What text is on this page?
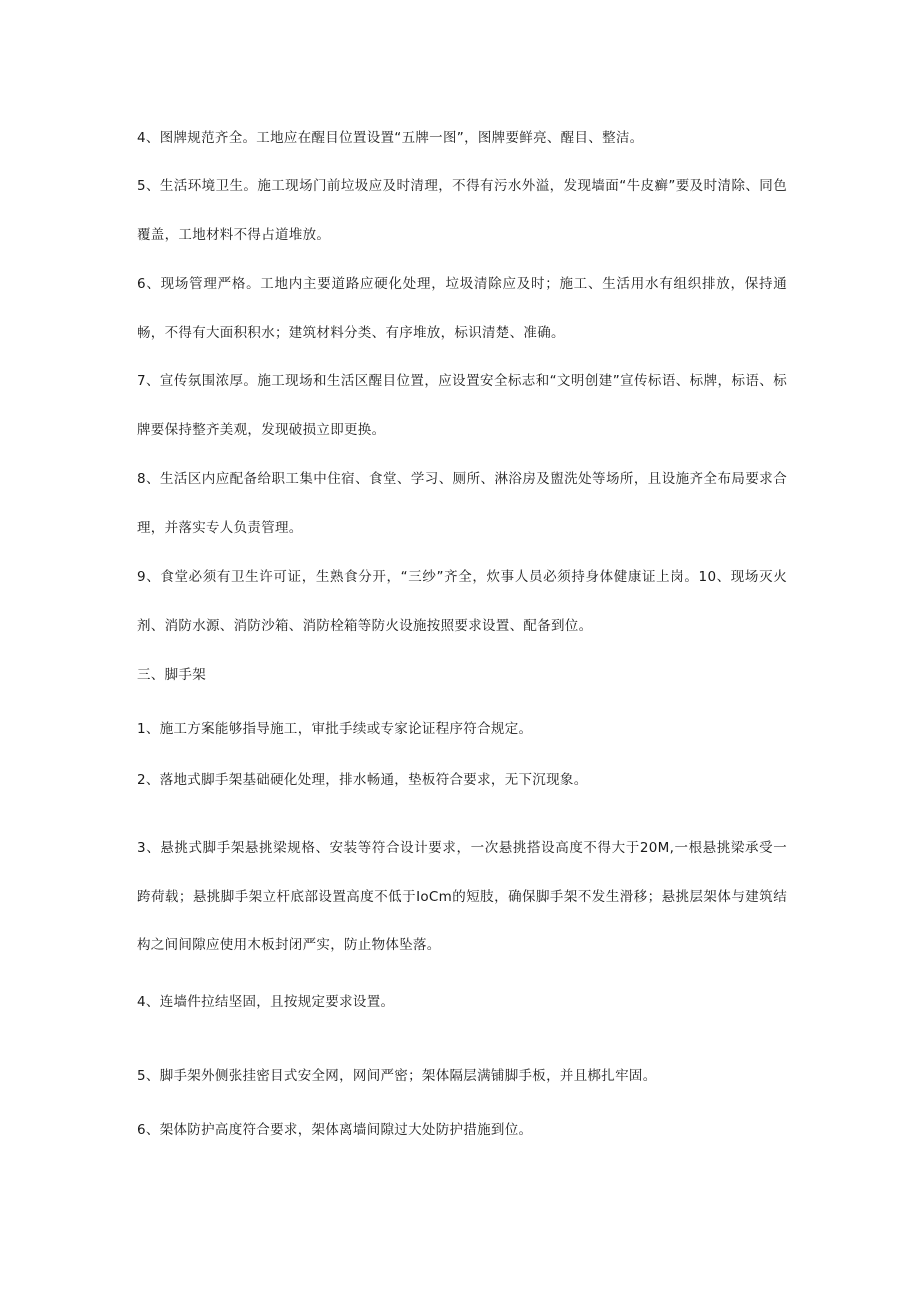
4、图牌规范齐全。工地应在醒目位置设置“五牌一图”，图牌要鲜亮、醒目、整洁。

5、生活环境卫生。施工现场门前垃圾应及时清理，不得有污水外溢，发现墙面“牛皮癣”要及时清除、同色覆盖，工地材料不得占道堆放。

6、现场管理严格。工地内主要道路应硬化处理，垃圾清除应及时；施工、生活用水有组织排放，保持通畅，不得有大面积积水；建筑材料分类、有序堆放，标识清楚、准确。

7、宣传氛围浓厚。施工现场和生活区醒目位置，应设置安全标志和“文明创建”宣传标语、标牌，标语、标牌要保持整齐美观，发现破损立即更换。

8、生活区内应配备给职工集中住宿、食堂、学习、厕所、淋浴房及盥洗处等场所，且设施齐全布局要求合理，并落实专人负责管理。

9、食堂必须有卫生许可证，生熟食分开，“三纱”齐全，炊事人员必须持身体健康证上岗。10、现场灭火剂、消防水源、消防沙箱、消防栓箱等防火设施按照要求设置、配备到位。

三、脚手架

1、施工方案能够指导施工，审批手续或专家论证程序符合规定。

2、落地式脚手架基础硬化处理，排水畅通，垫板符合要求，无下沉现象。

3、悬挑式脚手架悬挑梁规格、安装等符合设计要求，一次悬挑搭设高度不得大于20M,一根悬挑梁承受一跨荷载；悬挑脚手架立杆底部设置高度不低于IoCm的短肢，确保脚手架不发生滑移；悬挑层架体与建筑结构之间间隙应使用木板封闭严实，防止物体坠落。

4、连墙件拉结坚固，且按规定要求设置。

5、脚手架外侧张挂密目式安全网，网间严密；架体隔层满铺脚手板，并且梆扎牢固。

6、架体防护高度符合要求，架体离墙间隙过大处防护措施到位。
